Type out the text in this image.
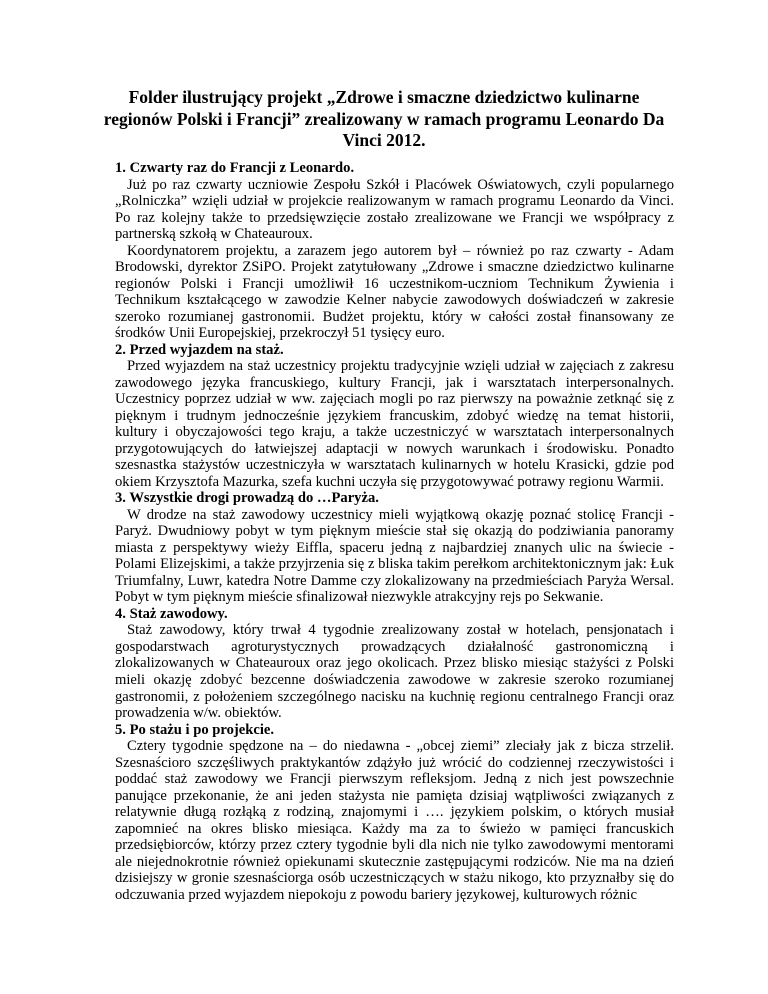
Folder ilustrujący projekt „Zdrowe i smaczne dziedzictwo kulinarne regionów Polski i Francji” zrealizowany w ramach programu Leonardo Da Vinci 2012.

1. Czwarty raz do Francji z Leonardo.

Już po raz czwarty uczniowie Zespołu Szkół i Placówek Oświatowych, czyli popularnego „Rolniczka” wzięli udział w projekcie realizowanym w ramach programu Leonardo da Vinci. Po raz kolejny także to przedsięwzięcie zostało zrealizowane we Francji we współpracy z partnerską szkołą w Chateauroux.

Koordynatorem projektu, a zarazem jego autorem był – również po raz czwarty - Adam Brodowski, dyrektor ZSiPO. Projekt zatytułowany „Zdrowe i smaczne dziedzictwo kulinarne regionów Polski i Francji umożliwił 16 uczestnikom-uczniom Technikum Żywienia i Technikum kształcącego w zawodzie Kelner nabycie zawodowych doświadczeń w zakresie szeroko rozumianej gastronomii. Budżet projektu, który w całości został finansowany ze środków Unii Europejskiej, przekroczył 51 tysięcy euro.

2. Przed wyjazdem na staż.

Przed wyjazdem na staż uczestnicy projektu tradycyjnie wzięli udział w zajęciach z zakresu zawodowego języka francuskiego, kultury Francji, jak i warsztatach interpersonalnych. Uczestnicy poprzez udział w ww. zajęciach mogli po raz pierwszy na poważnie zetknąć się z pięknym i trudnym jednocześnie językiem francuskim, zdobyć wiedzę na temat historii, kultury i obyczajowości tego kraju, a także uczestniczyć w warsztatach interpersonalnych przygotowujących do łatwiejszej adaptacji w nowych warunkach i środowisku. Ponadto szesnastka stażystów uczestniczyła w warsztatach kulinarnych w hotelu Krasicki, gdzie pod okiem Krzysztofa Mazurka, szefa kuchni uczyła się przygotowywać potrawy regionu Warmii.

3. Wszystkie drogi prowadzą do …Paryża.

W drodze na staż zawodowy uczestnicy mieli wyjątkową okazję poznać stolicę Francji - Paryż. Dwudniowy pobyt w tym pięknym mieście stał się okazją do podziwiania panoramy miasta z perspektywy wieży Eiffla, spaceru jedną z najbardziej znanych ulic na świecie - Polami Elizejskimi, a także przyjrzenia się z bliska takim perełkom architektonicznym jak: Łuk Triumfalny, Luwr, katedra Notre Damme czy zlokalizowany na przedmieściach Paryża Wersal. Pobyt w tym pięknym mieście sfinalizował niezwykle atrakcyjny rejs po Sekwanie.

4. Staż zawodowy.

Staż zawodowy, który trwał 4 tygodnie zrealizowany został w hotelach, pensjonatach i gospodarstwach agroturystycznych prowadzących działalność gastronomiczną i zlokalizowanych w Chateauroux oraz jego okolicach. Przez blisko miesiąc stażyści z Polski mieli okazję zdobyć bezcenne doświadczenia zawodowe w zakresie szeroko rozumianej gastronomii, z położeniem szczególnego nacisku na kuchnię regionu centralnego Francji oraz prowadzenia w/w. obiektów.

5. Po stażu i po projekcie.

Cztery tygodnie spędzone na – do niedawna - „obcej ziemi” zleciały jak z bicza strzelił. Szesnaścioro szczęśliwych praktykantów zdążyło już wrócić do codziennej rzeczywistości i poddać staż zawodowy we Francji pierwszym refleksjom. Jedną z nich jest powszechnie panujące przekonanie, że ani jeden stażysta nie pamięta dzisiaj wątpliwości związanych z relatywnie długą rozłąką z rodziną, znajomymi i …. językiem polskim, o których musiał zapomnieć na okres blisko miesiąca. Każdy ma za to świeżo w pamięci francuskich przedsiębiorców, którzy przez cztery tygodnie byli dla nich nie tylko zawodowymi mentorami ale niejednokrotnie również opiekunami skutecznie zastępującymi rodziców. Nie ma na dzień dzisiejszy w gronie szesnaściorga osób uczestniczących w stażu nikogo, kto przyznałby się do odczuwania przed wyjazdem niepokoju z powodu bariery językowej, kulturowych różnic
